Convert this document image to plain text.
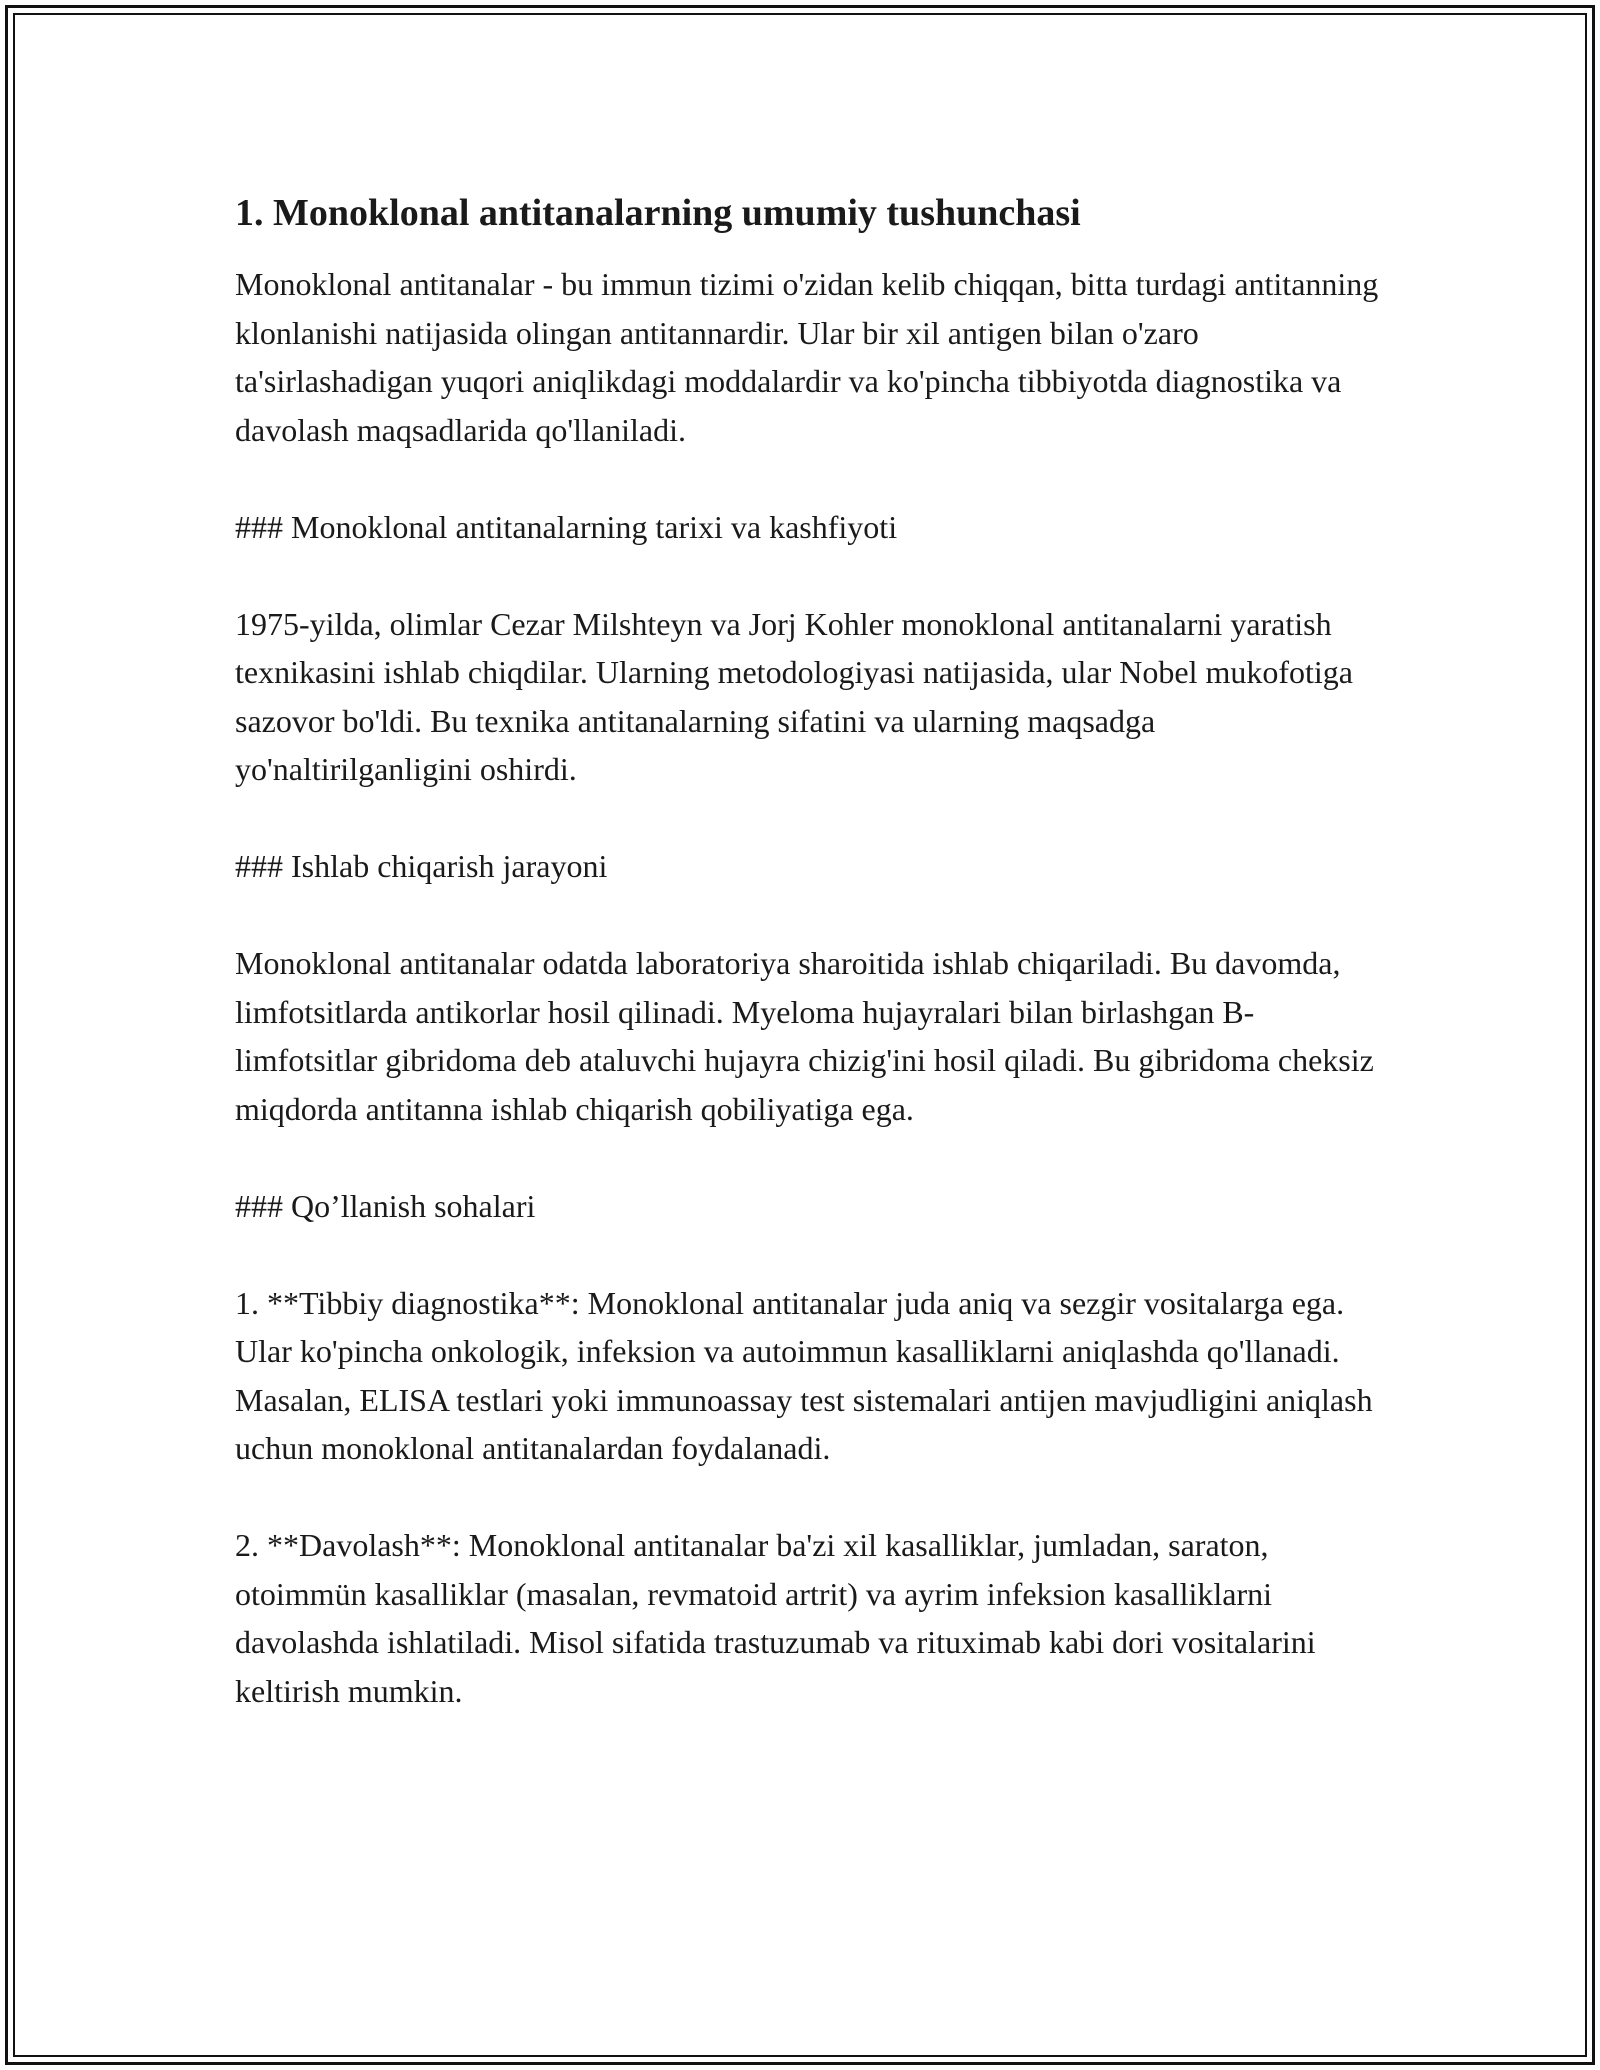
1. Monoklonal antitanalarning umumiy tushunchasi

Monoklonal antitanalar - bu immun tizimi o'zidan kelib chiqqan, bitta turdagi antitanning klonlanishi natijasida olingan antitannardir. Ular bir xil antigen bilan o'zaro ta'sirlashadigan yuqori aniqlikdagi moddalardir va ko'pincha tibbiyotda diagnostika va davolash maqsadlarida qo'llaniladi.

### Monoklonal antitanalarning tarixi va kashfiyoti

1975-yilda, olimlar Cezar Milshteyn va Jorj Kohler monoklonal antitanalarni yaratish texnikasini ishlab chiqdilar. Ularning metodologiyasi natijasida, ular Nobel mukofotiga sazovor bo'ldi. Bu texnika antitanalarning sifatini va ularning maqsadga yo'naltirilganligini oshirdi.

### Ishlab chiqarish jarayoni

Monoklonal antitanalar odatda laboratoriya sharoitida ishlab chiqariladi. Bu davomda, limfotsitlarda antikorlar hosil qilinadi. Myeloma hujayralari bilan birlashgan B-limfotsitlar gibridoma deb ataluvchi hujayra chizig'ini hosil qiladi. Bu gibridoma cheksiz miqdorda antitanna ishlab chiqarish qobiliyatiga ega.

### Qo’llanish sohalari

1. **Tibbiy diagnostika**: Monoklonal antitanalar juda aniq va sezgir vositalarga ega. Ular ko'pincha onkologik, infeksion va autoimmun kasalliklarni aniqlashda qo'llanadi. Masalan, ELISA testlari yoki immunoassay test sistemalari antijen mavjudligini aniqlash uchun monoklonal antitanalardan foydalanadi.

2. **Davolash**: Monoklonal antitanalar ba'zi xil kasalliklar, jumladan, saraton, otoimmün kasalliklar (masalan, revmatoid artrit) va ayrim infeksion kasalliklarni davolashda ishlatiladi. Misol sifatida trastuzumab va rituximab kabi dori vositalarini keltirish mumkin.
